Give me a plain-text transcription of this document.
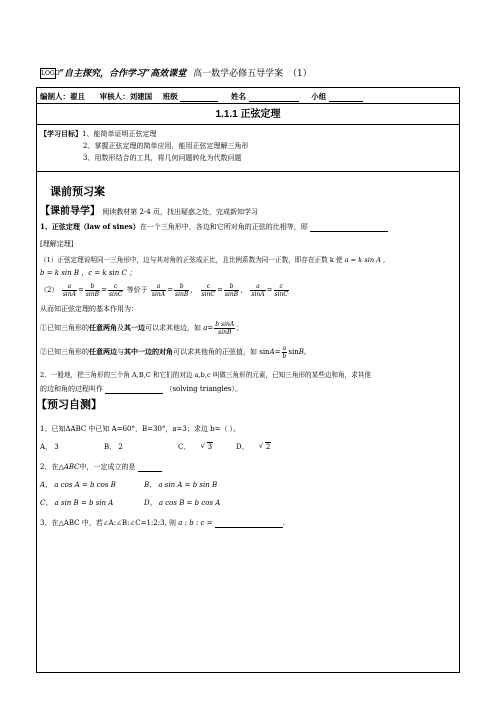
LOGO “自主探究，合作学习”高效课堂 高一数学必修五导学案 （1）
编制人：翟且 审核人：刘建国 班级	姓名	小组
1.1.1 正弦定理
【学习目标】1、能简单证明正弦定理
2、掌握正弦定理的简单应用，能用正弦定理解三角形
3、用数形结合的工具，将几何问题转化为代数问题
课前预习案
【课前导学】 阅读教材第 2-4 页，找出疑惑之处，完成新知学习
1、正弦定理（law of sines）在一个三角形中，各边和它所对角的正弦的比相等，即
[理解定理]
（1）正弦定理说明同一三角形中，边与其对角的正弦成正比，且比例系数为同一正数，即存在正数 k 使 a = k sin A ,
b = k sin B ，c = k sin C ；
$(2) \frac{a}{\sin A} = \frac{b}{\sin B} = \frac{c}{\sin C}$ 等价于 $\frac{a}{\sin A} = \frac{b}{\sin B}$ ， $\frac{c}{\sin C} = \frac{b}{\sin B}$ ， $\frac{a}{\sin A} = \frac{c}{\sin C}$
从而知正弦定理的基本作用为：
①已知三角形的任意两角及其一边可以求其他边，如 $a= \frac{\text{b sinA}}{\sin B}$ ；
②已知三角形的任意两边与其中一边的对角可以求其他角的正弦值，如 $\sin A= \frac{a}{b}$ sinB。
2、一般地，把三角形的三个角 A,B,C 和它们的对边 a,b,c 叫做三角形的元素，已知三角形的某些边和角，求其他
的边和角的过程叫作	（solving triangles）。
【预习自测】
1、已知ΔABC 中已知 A=60°，B=30°，a=3；求边 b=（ ）。
A、 3	B、 2	C、 √ 3	D、 √ 2
2、在△ABC中，一定成立的是
A、 a cos A = b cos B	B、 a sin A = b sin B
C、 a sin B = b sin A	D、 a cos B = b cos A
3、在△ABC 中，若∠A:∠B:∠C=1:2:3, 则 a : b : c =	.
